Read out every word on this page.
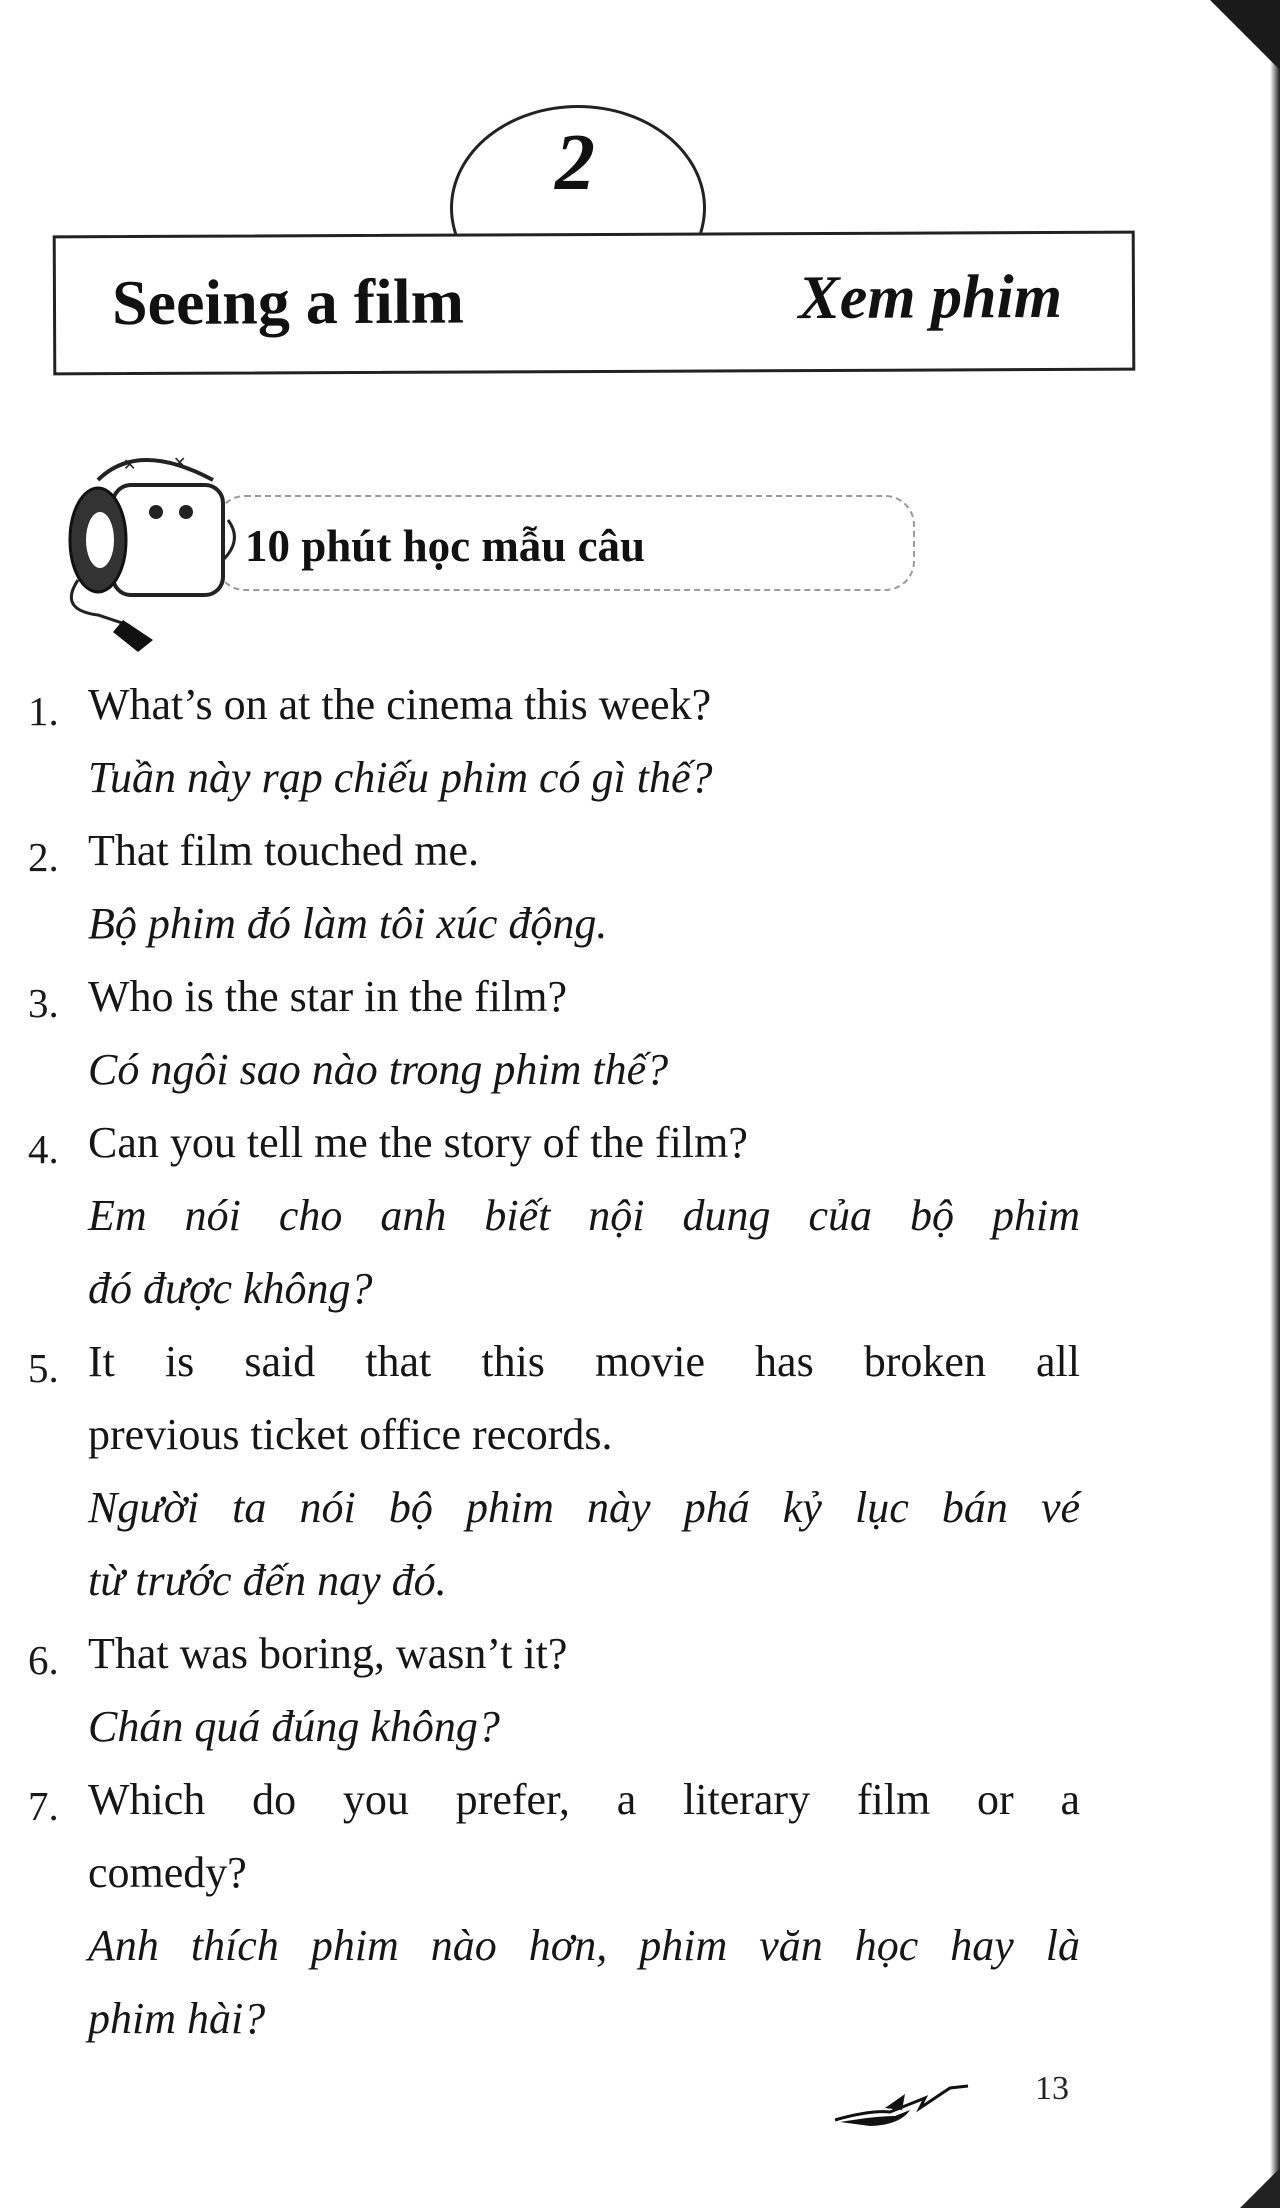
Seeing a film	Xem phim
2
10 phút học mẫu câu
✕ ✕
1. What’s on at the cinema this week?
Tuần này rạp chiếu phim có gì thế?
2. That film touched me.
Bộ phim đó làm tôi xúc động.
3. Who is the star in the film?
Có ngôi sao nào trong phim thế?
4. Can you tell me the story of the film?
Em nói cho anh biết nội dung của bộ phim
đó được không?
5. It is said that this movie has broken all
previous ticket office records.
Người ta nói bộ phim này phá kỷ lục bán vé
từ trước đến nay đó.
6. That was boring, wasn’t it?
Chán quá đúng không?
7. Which do you prefer, a literary film or a
comedy?
Anh thích phim nào hơn, phim văn học hay là
phim hài?
13
